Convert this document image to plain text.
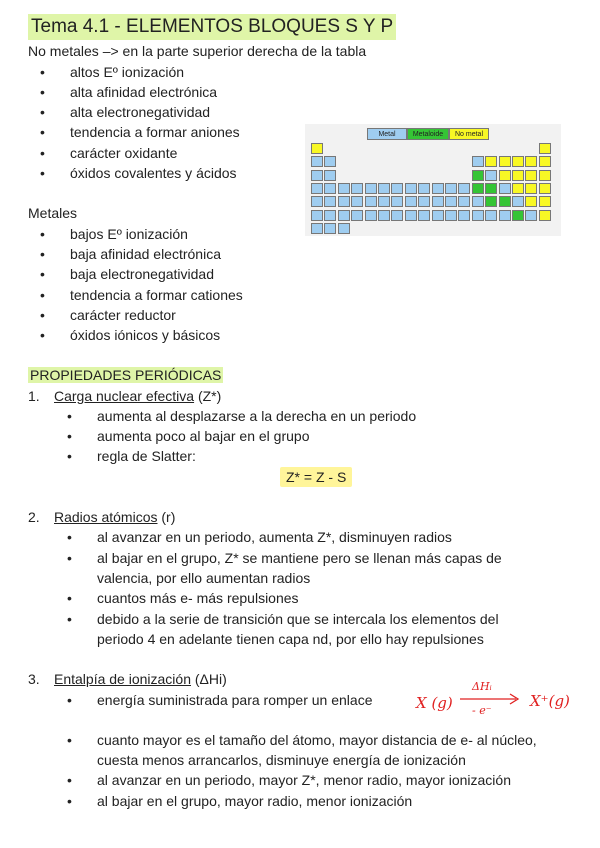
Tema 4.1 - ELEMENTOS BLOQUES S Y P
No metales –> en la parte superior derecha de la tabla
• altos Eº ionización
• alta afinidad electrónica
• alta electronegatividad
• tendencia a formar aniones
• carácter oxidante
• óxidos covalentes y ácidos
Metales
• bajos Eº ionización
• baja afinidad electrónica
• baja electronegatividad
• tendencia a formar cationes
• carácter reductor
• óxidos iónicos y básicos
Metal	Metaloide	No metal
PROPIEDADES PERIÓDICAS
1. Carga nuclear efectiva (Z*)
• aumenta al desplazarse a la derecha en un periodo
• aumenta poco al bajar en el grupo
• regla de Slatter:
Z* = Z - S
2. Radios atómicos (r)
• al avanzar en un periodo, aumenta Z*, disminuyen radios
• al bajar en el grupo, Z* se mantiene pero se llenan más capas de
valencia, por ello aumentan radios
• cuantos más e- más repulsiones
• debido a la serie de transición que se intercala los elementos del
periodo 4 en adelante tienen capa nd, por ello hay repulsiones
3. Entalpía de ionización (ΔHi)
• energía suministrada para romper un enlace	X (g)
ΔHᵢ
- e⁻
X⁺(g)
• cuanto mayor es el tamaño del átomo, mayor distancia de e- al núcleo,
cuesta menos arrancarlos, disminuye energía de ionización
• al avanzar en un periodo, mayor Z*, menor radio, mayor ionización
• al bajar en el grupo, mayor radio, menor ionización
